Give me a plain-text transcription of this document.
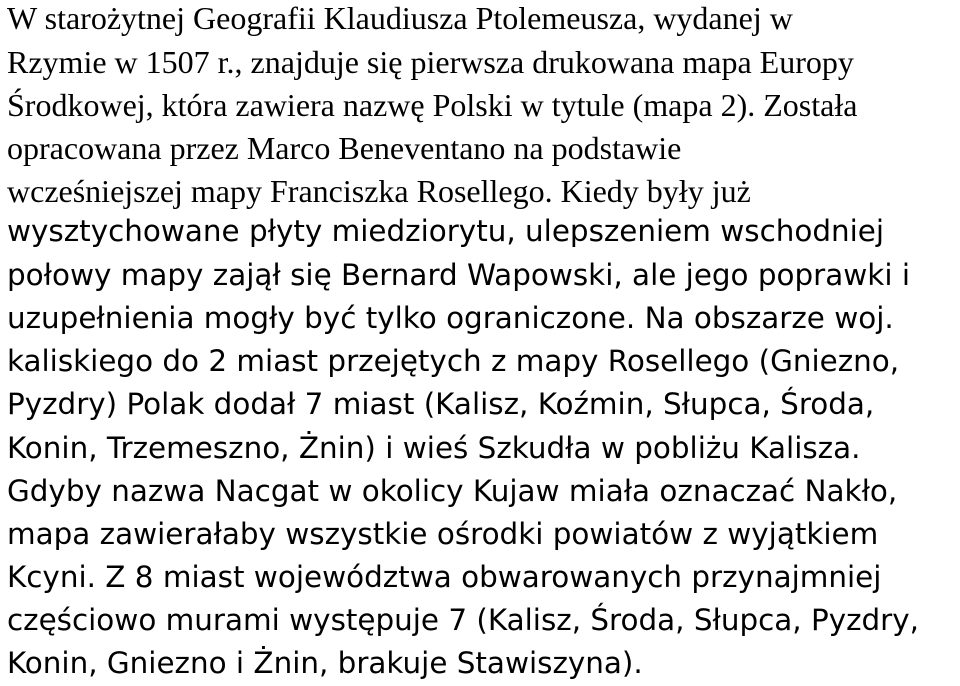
W starożytnej Geografii Klaudiusza Ptolemeusza, wydanej w

Rzymie w 1507 r., znajduje się pierwsza drukowana mapa Europy

Środkowej, która zawiera nazwę Polski w tytule (mapa 2). Została

opracowana przez Marco Beneventano na podstawie

wcześniejszej mapy Franciszka Rosellego. Kiedy były już

wysztychowane płyty miedziorytu, ulepszeniem wschodniej

połowy mapy zajął się Bernard Wapowski, ale jego poprawki i

uzupełnienia mogły być tylko ograniczone. Na obszarze woj.

kaliskiego do 2 miast przejętych z mapy Rosellego (Gniezno,

Pyzdry) Polak dodał 7 miast (Kalisz, Koźmin, Słupca, Środa,

Konin, Trzemeszno, Żnin) i wieś Szkudła w pobliżu Kalisza.

Gdyby nazwa Nacgat w okolicy Kujaw miała oznaczać Nakło,

mapa zawierałaby wszystkie ośrodki powiatów z wyjątkiem

Kcyni. Z 8 miast województwa obwarowanych przynajmniej

częściowo murami występuje 7 (Kalisz, Środa, Słupca, Pyzdry,

Konin, Gniezno i Żnin, brakuje Stawiszyna).
